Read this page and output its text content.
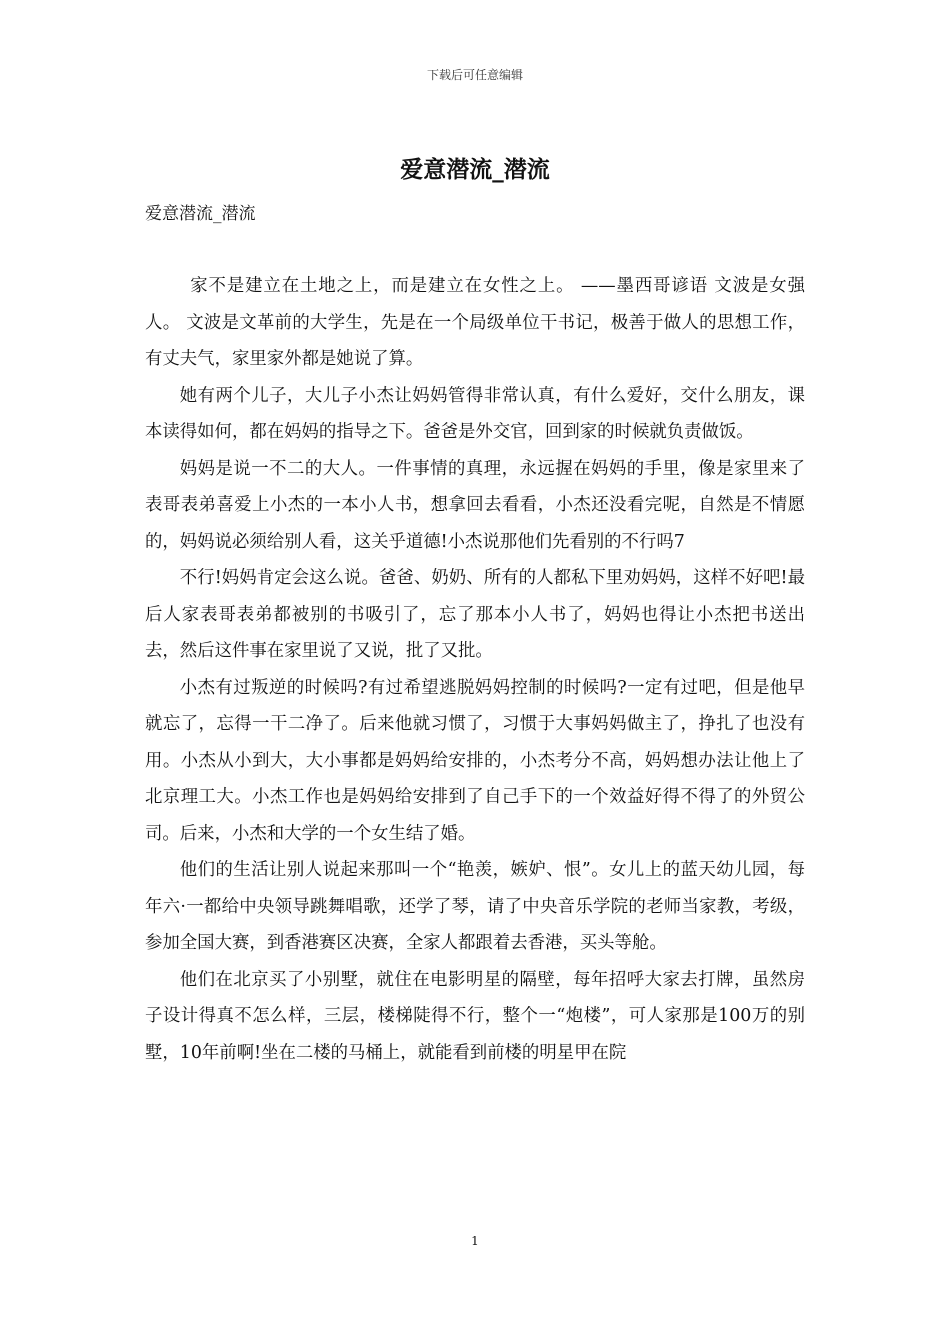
下载后可任意编辑
爱意潜流_潜流
爱意潜流_潜流

家不是建立在土地之上，而是建立在女性之上。 ——墨西哥谚语 文波是女强人。 文波是文革前的大学生，先是在一个局级单位干书记，极善于做人的思想工作，有丈夫气，家里家外都是她说了算。

她有两个儿子，大儿子小杰让妈妈管得非常认真，有什么爱好，交什么朋友，课本读得如何，都在妈妈的指导之下。爸爸是外交官，回到家的时候就负责做饭。

妈妈是说一不二的大人。一件事情的真理，永远握在妈妈的手里，像是家里来了表哥表弟喜爱上小杰的一本小人书，想拿回去看看，小杰还没看完呢，自然是不情愿的，妈妈说必须给别人看，这关乎道德!小杰说那他们先看别的不行吗7

不行!妈妈肯定会这么说。爸爸、奶奶、所有的人都私下里劝妈妈，这样不好吧!最后人家表哥表弟都被别的书吸引了，忘了那本小人书了，妈妈也得让小杰把书送出去，然后这件事在家里说了又说，批了又批。

小杰有过叛逆的时候吗?有过希望逃脱妈妈控制的时候吗?一定有过吧，但是他早就忘了，忘得一干二净了。后来他就习惯了，习惯于大事妈妈做主了，挣扎了也没有用。小杰从小到大，大小事都是妈妈给安排的，小杰考分不高，妈妈想办法让他上了北京理工大。小杰工作也是妈妈给安排到了自己手下的一个效益好得不得了的外贸公司。后来，小杰和大学的一个女生结了婚。

他们的生活让别人说起来那叫一个“艳羡，嫉妒、恨”。女儿上的蓝天幼儿园，每年六·一都给中央领导跳舞唱歌，还学了琴，请了中央音乐学院的老师当家教，考级，参加全国大赛，到香港赛区决赛，全家人都跟着去香港，买头等舱。

他们在北京买了小别墅，就住在电影明星的隔壁，每年招呼大家去打牌，虽然房子设计得真不怎么样，三层，楼梯陡得不行，整个一“炮楼”，可人家那是100万的别墅，10年前啊!坐在二楼的马桶上，就能看到前楼的明星甲在院

1
